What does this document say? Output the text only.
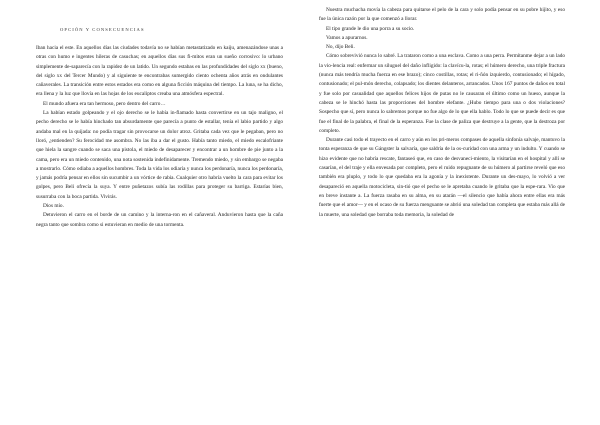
OPCIÓN Y CONSECUENCIAS

Iban hacia el este. En aquellos días las ciudades todavía no se habían metastatizado en kaiju, amenazándose unas a otras con humo e ingentes hileras de casuchas; en aquellos días sus fi-mitos eran un sueño corrosivo: lo urbano simplemente de-saparecía con la rapidez de un latido. Un segundo estabas en las profundidades del siglo xx (bueno, del siglo xx del Tercer Mundo) y al siguiente te encontrabas sumergido ciento ochenta años atrás en ondulantes cañaverales. La transición entre estos estados era como en alguna ficción máquina del tiempo. La luna, se ha dicho, era llena y la luz que llovía en las hojas de los eucaliptos creaba una atmósfera espectral.

El mundo afuera era tan hermoso, pero dentro del carro…

La habían estado golpeando y el ojo derecho se le había in-flamado hasta convertirse en un tajo maligno, el pecho derecho se le había hinchado tan absurdamente que parecía a punto de estallar, tenía el labio partido y algo andaba mal en la quijada: no podía tragar sin provocarse un dolor atroz. Gritaba cada vez que le pegaban, pero no lloró, ¿entienden? Su ferocidad me asombra. No las iba a dar el gusto. Había tanto miedo, el miedo escalofriante que hiela la sangre cuando se saca una pistola, el miedo de desaparecer y encontrar a un hombre de pie junto a la cama, pero era un miedo contenido, una nota sostenida indefinidamente. Tremendo miedo, y sin embargo se negaba a mostrarlo. Cómo odiaba a aquellos hombres. Toda la vida los odiaría y nunca los perdonaría, nunca los perdonaría, y jamás podría pensar en ellos sin sucumbir a un vórtice de rabia. Cualquier otro habría vuelto la cara para evitar los golpes, pero Beli ofrecía la suya. Y entre puñetazos subía las rodillas para proteger su barriga. Estarías bien, susurraba con la boca partida. Vivirás.

Dios mío.

Detuvieron el carro en el borde de un camino y la interna-ron en el cañaveral. Anduvieron hasta que la caña negra tanto que sombra como si estuvieran en medio de una tormenta.

Nuestra muchacha movía la cabeza para quitarse el pelo de la cara y solo podía pensar en su pobre hijito, y eso fue la única razón por la que comenzó a llorar.

El tipo grande le dio una porra a su socio.

Vamos a apurarnos.

No, dijo Beli.

Cómo sobrevivió nunca lo sabré. La trataron como a una esclava. Como a una perra. Permítanme dejar a un lado la vio-lencia real: enfermar un siluguel del daño infligido: la clavícu-la, rotas; el húmero derecho, una triple fractura (nunca más tendría mucha fuerza en ese brazo); cinco costillas, rotas; el ri-ñón izquierdo, contusionado; el hígado, contusionado; el pul-món derecho, colapsado; los dientes delanteros, arrancados. Unos 167 puntos de daños en total y fue solo por casualidad que aquellos felices hijos de putas no le causaran el último como un hueso, aunque la cabeza se le hinchó hasta las proporciones del hombre elefante. ¿Hubo tiempo para una o dos violaciones? Sospecho que sí, pero nunca lo sabremos porque no fue algo de lo que ella hablo. Todo lo que se puede decir es que fue el final de la palabra, el final de la esperanza. Fue la clase de paliza que destruye a la gente, que la destroza por completo.

Durante casi todo el trayecto en el carro y aún en los pri-meros compases de aquella sinfonía salvaje, mantuvo la tonta esperanza de que su Gángster la salvaría, que saldría de la os-curidad con una arma y un indulto. Y cuando se hizo evidente que no habría rescate, fantaseó que, en caso de desvaneci-miento, la visitarían en el hospital y allí se casarían, el del traje y ella envesada por completo, pero el ruido repugnante de su húmero al partirse reveló que eso también era pluplo, y todo lo que quedaba era la agonía y la inexistente. Durante un des-mayo, lo volvió a ver desapareció en aquella motocicleta, sin-tió que el pecho se le apretaba cuando le gritaba que la espe-rara. Vio que en breve instante a. La fuerza rasaba en su alma, en su atarán —el silencio que había ahora entre ellas era más fuerte que el amor— y en el ocaso de su fuerza menguante se abrió una soledad tan completa que estaba más allá de la muerte, una soledad que borraba toda memoria, la soledad de
